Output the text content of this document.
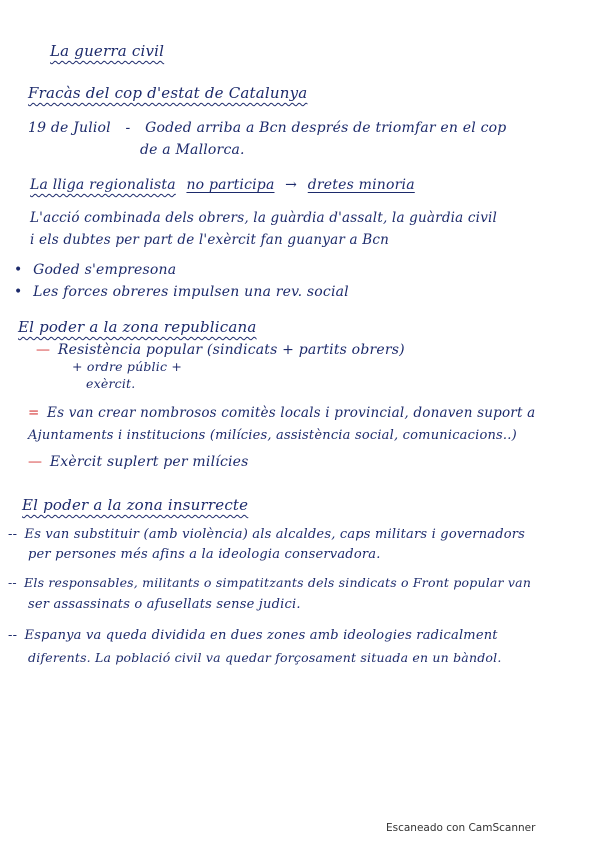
La guerra civil
Fracàs del cop d'estat de Catalunya
19 de Juliol - Goded arriba a Bcn després de triomfar en el cop
de a Mallorca.
La lliga regionalista no participa → dretes minoria
L'acció combinada dels obrers, la guàrdia d'assalt, la guàrdia civil
i els dubtes per part de l'exèrcit fan guanyar a Bcn
• Goded s'empresona
• Les forces obreres impulsen una rev. social
El poder a la zona republicana
— Resistència popular (sindicats + partits obrers)
+ ordre públic +
exèrcit.
= Es van crear nombrosos comitès locals i provincial, donaven suport a
Ajuntaments i institucions (milícies, assistència social, comunicacions..)
— Exèrcit suplert per milícies
El poder a la zona insurrecte
-- Es van substituir (amb violència) als alcaldes, caps militars i governadors
per persones més afins a la ideologia conservadora.
-- Els responsables, militants o simpatitzants dels sindicats o Front popular van
ser assassinats o afusellats sense judici.
-- Espanya va queda dividida en dues zones amb ideologies radicalment
diferents. La població civil va quedar forçosament situada en un bàndol.
Escaneado con CamScanner
